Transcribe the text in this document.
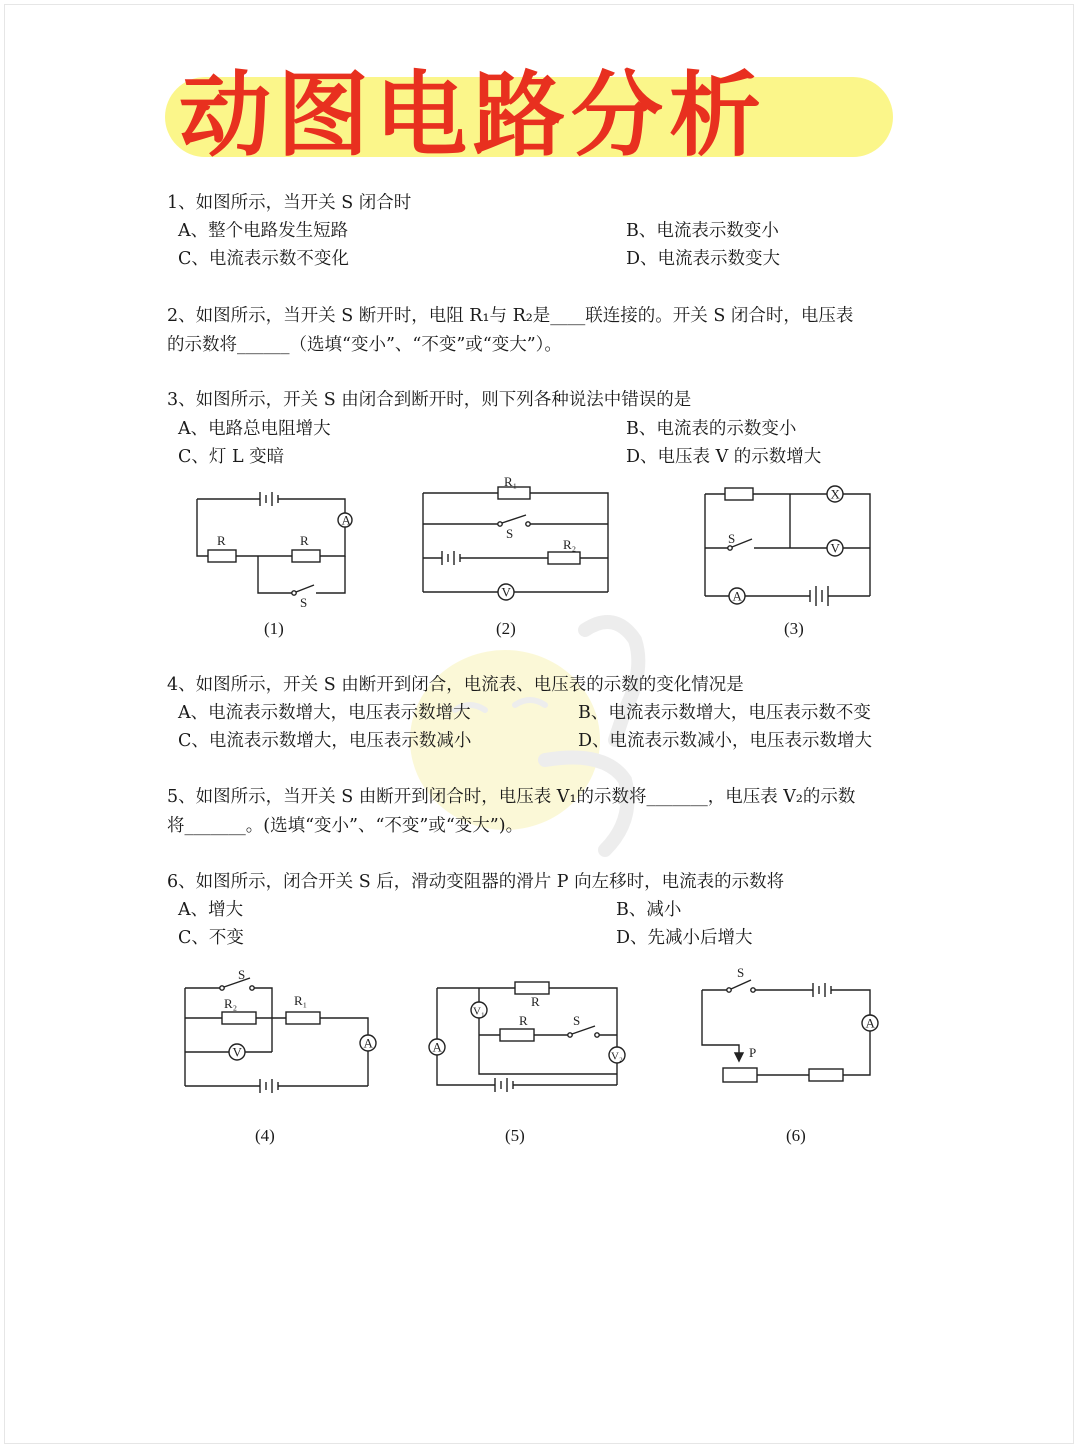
动图电路分析
1、如图所示，当开关 S 闭合时
A、整个电路发生短路	B、电流表示数变小
C、电流表示数不变化	D、电流表示数变大
2、如图所示，当开关 S 断开时，电阻 R₁与 R₂是____联连接的。开关 S 闭合时，电压表
的示数将______（选填“变小”、“不变”或“变大”）。
3、如图所示，开关 S 由闭合到断开时，则下列各种说法中错误的是
A、电路总电阻增大	B、电流表的示数变小
C、灯 L 变暗	D、电压表 V 的示数增大
A
R	R
S
(1)
R₁
S
R₂
V
(2)
X
S
V
A
(3)
4、如图所示，开关 S 由断开到闭合，电流表、电压表的示数的变化情况是
A、电流表示数增大，电压表示数增大	B、电流表示数增大，电压表示数不变
C、电流表示数增大，电压表示数减小	D、电流表示数减小，电压表示数增大
5、如图所示，当开关 S 由断开到闭合时，电压表 V₁的示数将_______，电压表 V₂的示数
将_______。(选填“变小”、“不变”或“变大”)。
6、如图所示，闭合开关 S 后，滑动变阻器的滑片 P 向左移时，电流表的示数将
A、增大	B、减小
C、不变	D、先减小后增大
S
R₂	R₁
A
V
(4)
R
A
V₁
R	S
V₂
(5)
S
A
P
(6)
